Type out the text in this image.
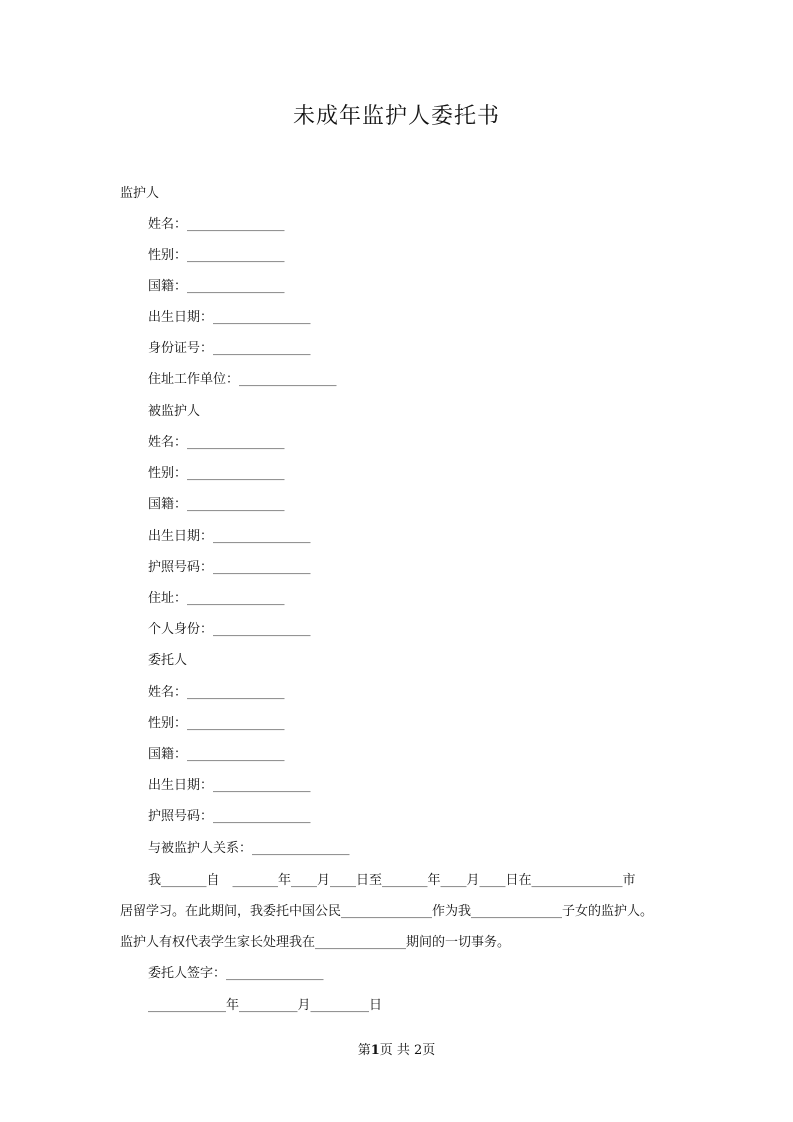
未成年监护人委托书
监护人
姓名：_______________
性别：_______________
国籍：_______________
出生日期：_______________
身份证号：_______________
住址工作单位：_______________
被监护人
姓名：_______________
性别：_______________
国籍：_______________
出生日期：_______________
护照号码：_______________
住址：_______________
个人身份：_______________
委托人
姓名：_______________
性别：_______________
国籍：_______________
出生日期：_______________
护照号码：_______________
与被监护人关系：_______________
我_______自　_______年____月____日至_______年____月____日在______________市
居留学习。在此期间，我委托中国公民______________作为我______________子女的监护人。
监护人有权代表学生家长处理我在______________期间的一切事务。
委托人签字：_______________
____________年_________月_________日
第1页 共 2页
